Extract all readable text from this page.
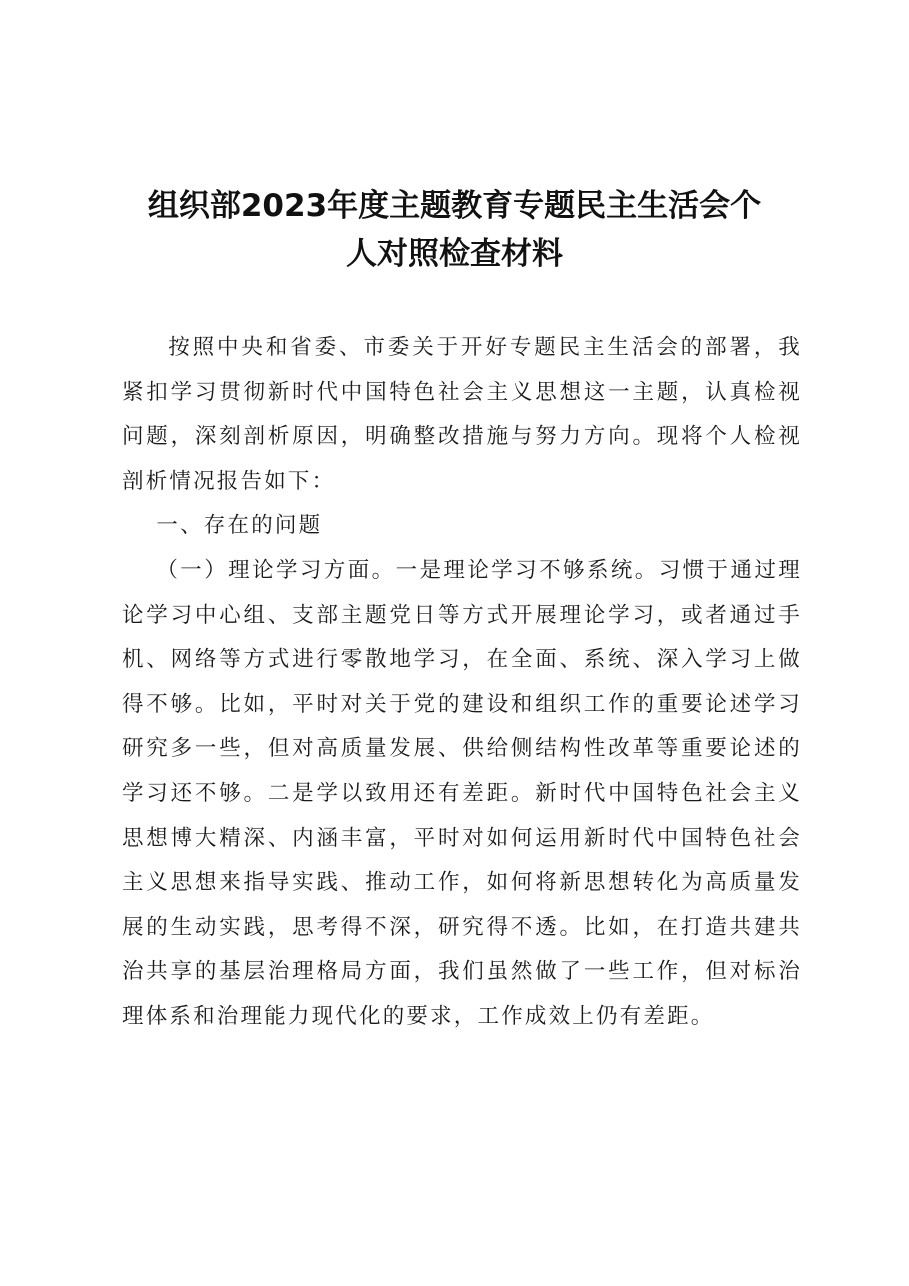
组织部2023年度主题教育专题民主生活会个
人对照检查材料

按照中央和省委、市委关于开好专题民主生活会的部署，我紧扣学习贯彻新时代中国特色社会主义思想这一主题，认真检视问题，深刻剖析原因，明确整改措施与努力方向。现将个人检视剖析情况报告如下：

一、存在的问题

（一）理论学习方面。一是理论学习不够系统。习惯于通过理论学习中心组、支部主题党日等方式开展理论学习，或者通过手机、网络等方式进行零散地学习，在全面、系统、深入学习上做得不够。比如，平时对关于党的建设和组织工作的重要论述学习研究多一些，但对高质量发展、供给侧结构性改革等重要论述的学习还不够。二是学以致用还有差距。新时代中国特色社会主义思想博大精深、内涵丰富，平时对如何运用新时代中国特色社会主义思想来指导实践、推动工作，如何将新思想转化为高质量发展的生动实践，思考得不深，研究得不透。比如，在打造共建共治共享的基层治理格局方面，我们虽然做了一些工作，但对标治理体系和治理能力现代化的要求，工作成效上仍有差距。
